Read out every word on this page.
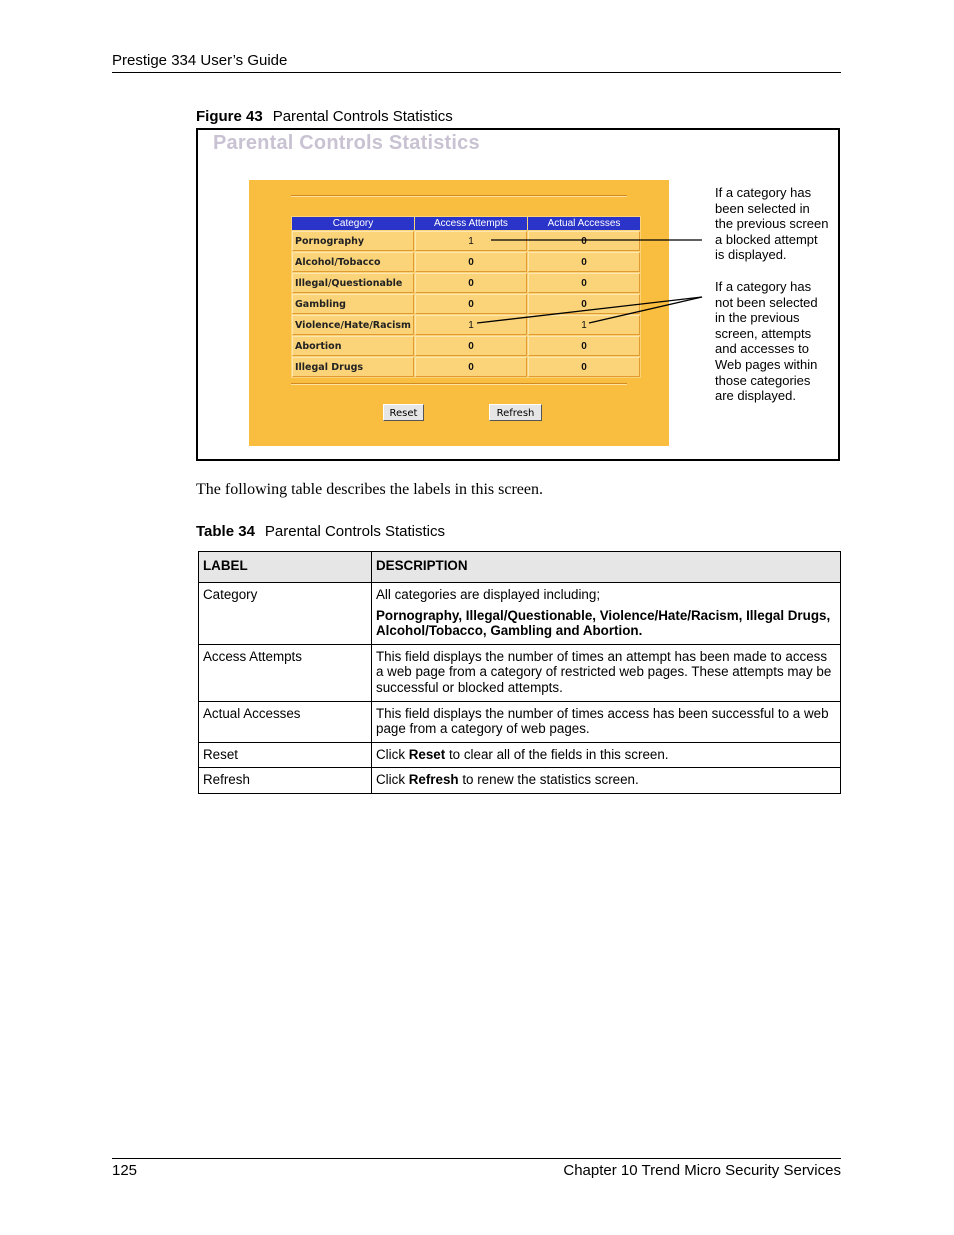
Prestige 334 User’s Guide
Figure 43 Parental Controls Statistics
Parental Controls Statistics
Category	Access Attempts	Actual Accesses
Pornography	1	0
Alcohol/Tobacco	0	0
Illegal/Questionable	0	0
Gambling	0	0
Violence/Hate/Racism	1	1
Abortion	0	0
Illegal Drugs	0	0
Reset	Refresh
If a category has
been selected in
the previous screen
a blocked attempt
is displayed.
If a category has
not been selected
in the previous
screen, attempts
and accesses to
Web pages within
those categories
are displayed.
The following table describes the labels in this screen.
Table 34 Parental Controls Statistics
LABEL	DESCRIPTION
Category	All categories are displayed including;

Pornography, Illegal/Questionable, Violence/Hate/Racism, Illegal Drugs, Alcohol/Tobacco, Gambling and Abortion.

Access Attempts	This field displays the number of times an attempt has been made to access a web page from a category of restricted web pages. These attempts may be successful or blocked attempts.
Actual Accesses	This field displays the number of times access has been successful to a web page from a category of web pages.
Reset	Click Reset to clear all of the fields in this screen.
Refresh	Click Refresh to renew the statistics screen.
125	Chapter 10 Trend Micro Security Services
